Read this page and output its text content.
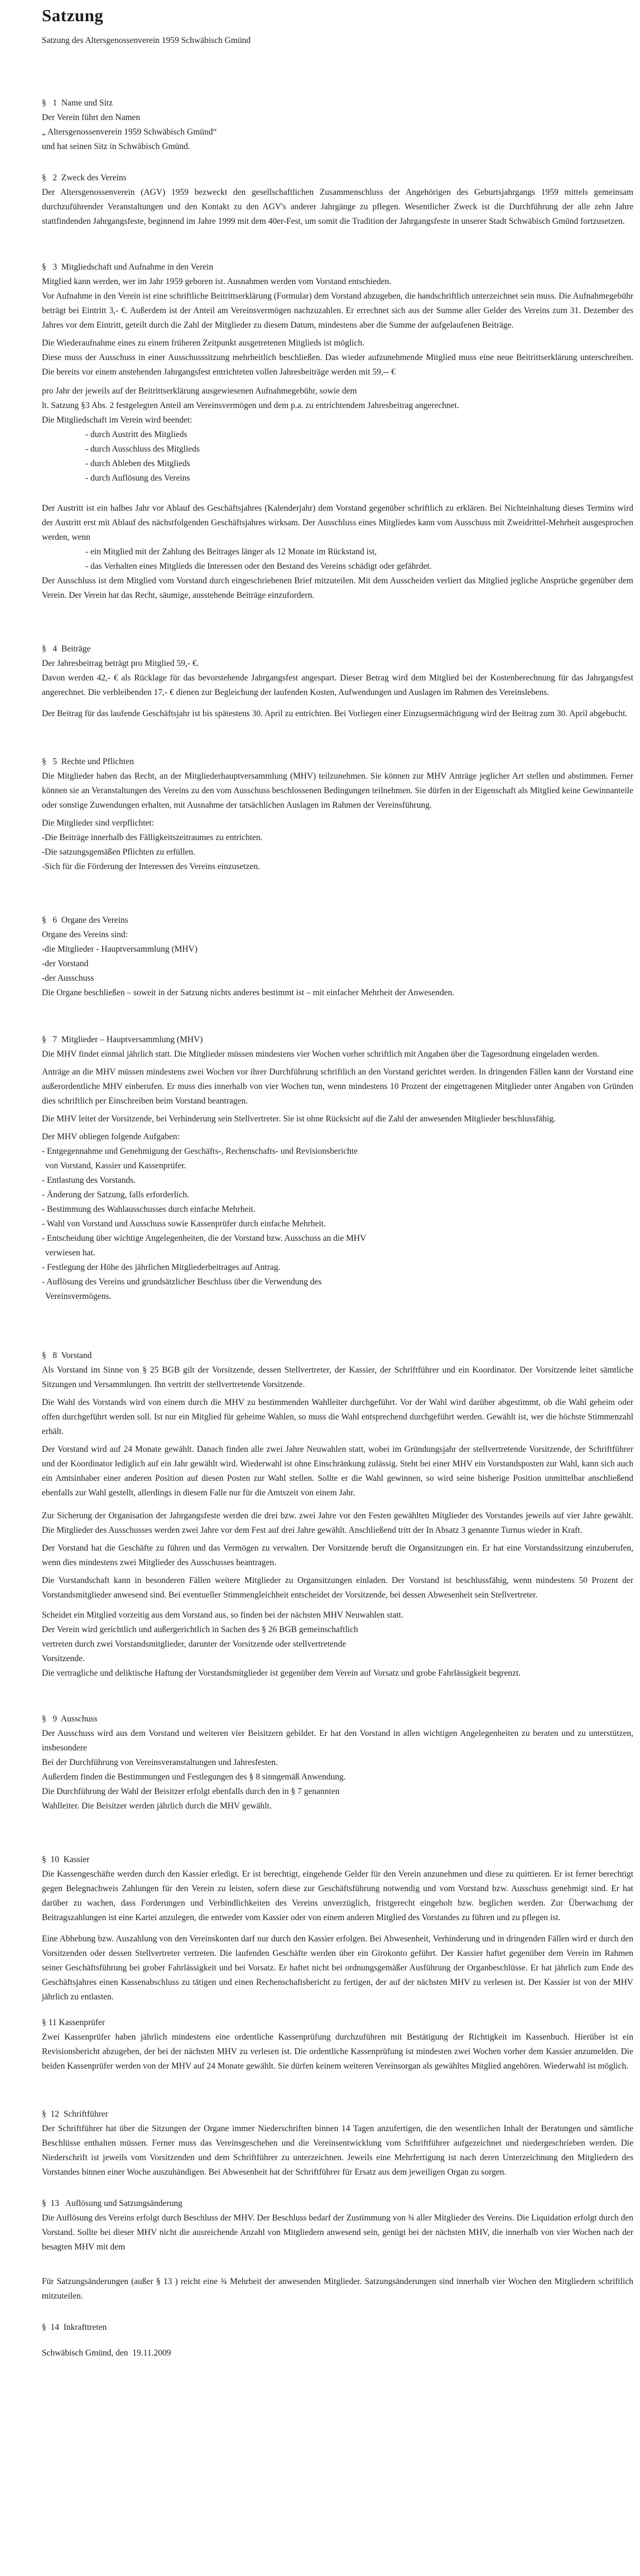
Satzung
Satzung des Altersgenossenverein 1959 Schwäbisch Gmünd
§   1  Name und Sitz
Der Verein führt den Namen
„ Altersgenossenverein 1959 Schwäbisch Gmünd“
und hat seinen Sitz in Schwäbisch Gmünd.
§   2  Zweck des Vereins
Der Altersgenossenverein (AGV) 1959 bezweckt den gesellschaftlichen Zusammenschluss der Angehörigen des Geburtsjahrgangs 1959 mittels gemeinsam durchzuführender Veranstaltungen und den Kontakt zu den AGV's anderer Jahrgänge zu pflegen. Wesentlicher Zweck ist die Durchführung der alle zehn Jahre stattfindenden Jahrgangsfeste, beginnend im Jahre 1999 mit dem 40er-Fest, um somit die Tradition der Jahrgangsfeste in unserer Stadt Schwäbisch Gmünd fortzusetzen.
§   3  Mitgliedschaft und Aufnahme in den Verein
Mitglied kann werden, wer im Jahr 1959 geboren ist. Ausnahmen werden vom Vorstand entschieden.
Vor Aufnahme in den Verein ist eine schriftliche Beitrittserklärung (Formular) dem Vorstand abzugeben, die handschriftlich unterzeichnet sein muss. Die Aufnahmegebühr beträgt bei Eintritt 3,- €. Außerdem ist der Anteil am Vereinsvermögen nachzuzahlen. Er errechnet sich aus der Summe aller Gelder des Vereins zum 31. Dezember des Jahres vor dem Eintritt, geteilt durch die Zahl der Mitglieder zu diesem Datum, mindestens aber die Summe der aufgelaufenen Beiträge.
Die Wiederaufnahme eines zu einem früheren Zeitpunkt ausgetretenen Mitglieds ist möglich.
Diese muss der Ausschuss in einer Ausschusssitzung mehrheitlich beschließen. Das wieder aufzunehmende Mitglied muss eine neue Beitrittserklärung unterschreiben. Die bereits vor einem anstehenden Jahrgangsfest entrichteten vollen Jahresbeiträge werden mit 59,-- €
pro Jahr der jeweils auf der Beitrittserklärung ausgewiesenen Aufnahmegebühr, sowie dem
lt. Satzung §3 Abs. 2 festgelegten Anteil am Vereinsvermögen und dem p.a. zu entrichtendem Jahresbeitrag angerechnet.
Die Mitgliedschaft im Verein wird beendet:
- durch Austritt des Mitglieds
- durch Ausschluss des Mitglieds
- durch Ableben des Mitglieds
- durch Auflösung des Vereins
Der Austritt ist ein halbes Jahr vor Ablauf des Geschäftsjahres (Kalenderjahr) dem Vorstand gegenüber schriftlich zu erklären. Bei Nichteinhaltung dieses Termins wird der Austritt erst mit Ablauf des nächstfolgenden Geschäftsjahres wirksam. Der Ausschluss eines Mitgliedes kann vom Ausschuss mit Zweidrittel-Mehrheit ausgesprochen werden, wenn
- ein Mitglied mit der Zahlung des Beitrages länger als 12 Monate im Rückstand ist,
- das Verhalten eines Mitglieds die Interessen oder den Bestand des Vereins schädigt oder gefährdet.
Der Ausschluss ist dem Mitglied vom Vorstand durch eingeschriebenen Brief mitzuteilen. Mit dem Ausscheiden verliert das Mitglied jegliche Ansprüche gegenüber dem Verein. Der Verein hat das Recht, säumige, ausstehende Beiträge einzufordern.
§   4  Beiträge
Der Jahresbeitrag beträgt pro Mitglied 59,- €.
Davon werden 42,- € als Rücklage für das bevorstehende Jahrgangsfest angespart. Dieser Betrag wird dem Mitglied bei der Kostenberechnung für das Jahrgangsfest angerechnet. Die verbleibenden 17,- € dienen zur Begleichung der laufenden Kosten, Aufwendungen und Auslagen im Rahmen des Vereinslebens.
Der Beitrag für das laufende Geschäftsjahr ist bis spätestens 30. April zu entrichten. Bei Vorliegen einer Einzugsermächtigung wird der Beitrag zum 30. April abgebucht.
§   5  Rechte und Pflichten
Die Mitglieder haben das Recht, an der Mitgliederhauptversammlung (MHV) teilzunehmen. Sie können zur MHV Anträge jeglicher Art stellen und abstimmen. Ferner können sie an Veranstaltungen des Vereins zu den vom Ausschuss beschlossenen Bedingungen teilnehmen. Sie dürfen in der Eigenschaft als Mitglied keine Gewinnanteile oder sonstige Zuwendungen erhalten, mit Ausnahme der tatsächlichen Auslagen im Rahmen der Vereinsführung.
Die Mitglieder sind verpflichtet:
-Die Beiträge innerhalb des Fälligkeitszeitraumes zu entrichten.
-Die satzungsgemäßen Pflichten zu erfüllen.
-Sich für die Förderung der Interessen des Vereins einzusetzen.
§   6  Organe des Vereins
Organe des Vereins sind:
-die Mitglieder - Hauptversammlung (MHV)
-der Vorstand
-der Ausschuss
Die Organe beschließen – soweit in der Satzung nichts anderes bestimmt ist – mit einfacher Mehrheit der Anwesenden.
§   7  Mitglieder – Hauptversammlung (MHV)
Die MHV findet einmal jährlich statt. Die Mitglieder müssen mindestens vier Wochen vorher schriftlich mit Angaben über die Tagesordnung eingeladen werden.
Anträge an die MHV müssen mindestens zwei Wochen vor ihrer Durchführung schriftlich an den Vorstand gerichtet werden. In dringenden Fällen kann der Vorstand eine außerordentliche MHV einberufen. Er muss dies innerhalb von vier Wochen tun, wenn mindestens 10 Prozent der eingetragenen Mitglieder unter Angaben von Gründen dies schriftlich per Einschreiben beim Vorstand beantragen.
Die MHV leitet der Vorsitzende, bei Verhinderung sein Stellvertreter. Sie ist ohne Rücksicht auf die Zahl der anwesenden Mitglieder beschlussfähig.
Der MHV obliegen folgende Aufgaben:
- Entgegennahme und Genehmigung der Geschäfts-, Rechenschafts- und Revisionsberichte
von Vorstand, Kassier und Kassenprüfer.
- Entlastung des Vorstands.
- Änderung der Satzung, falls erforderlich.
- Bestimmung des Wahlausschusses durch einfache Mehrheit.
- Wahl von Vorstand und Ausschuss sowie Kassenprüfer durch einfache Mehrheit.
- Entscheidung über wichtige Angelegenheiten, die der Vorstand bzw. Ausschuss an die MHV
verwiesen hat.
- Festlegung der Höhe des jährlichen Mitgliederbeitrages auf Antrag.
- Auflösung des Vereins und grundsätzlicher Beschluss über die Verwendung des
Vereinsvermögens.
§   8  Vorstand
Als Vorstand im Sinne von § 25 BGB gilt der Vorsitzende, dessen Stellvertreter, der Kassier, der Schriftführer und ein Koordinator. Der Vorsitzende leitet sämtliche Sitzungen und Versammlungen. Ihn vertritt der stellvertretende Vorsitzende.
Die Wahl des Vorstands wird von einem durch die MHV zu bestimmenden Wahlleiter durchgeführt. Vor der Wahl wird darüber abgestimmt, ob die Wahl geheim oder offen durchgeführt werden soll. Ist nur ein Mitglied für geheime Wahlen, so muss die Wahl entsprechend durchgeführt werden. Gewählt ist, wer die höchste Stimmenzahl erhält.
Der Vorstand wird auf 24 Monate gewählt. Danach finden alle zwei Jahre Neuwahlen statt, wobei im Gründungsjahr der stellvertretende Vorsitzende, der Schriftführer und der Koordinator lediglich auf ein Jahr gewählt wird. Wiederwahl ist ohne Einschränkung zulässig. Steht bei einer MHV ein Vorstandsposten zur Wahl, kann sich auch ein Amtsinhaber einer anderen Position auf diesen Posten zur Wahl stellen. Sollte er die Wahl gewinnen, so wird seine bisherige Position unmittelbar anschließend ebenfalls zur Wahl gestellt, allerdings in diesem Falle nur für die Amtszeit von einem Jahr.
Zur Sicherung der Organisation der Jahrgangsfeste werden die drei bzw. zwei Jahre vor den Festen gewählten Mitglieder des Vorstandes jeweils auf vier Jahre gewählt. Die Mitglieder des Ausschusses werden zwei Jahre vor dem Fest auf drei Jahre gewählt. Anschließend tritt der In Absatz 3 genannte Turnus wieder in Kraft.
Der Vorstand hat die Geschäfte zu führen und das Vermögen zu verwalten. Der Vorsitzende beruft die Organsitzungen ein. Er hat eine Vorstandssitzung einzuberufen, wenn dies mindestens zwei Mitglieder des Ausschusses beantragen.
Die Vorstandschaft kann in besonderen Fällen weitere Mitglieder zu Organsitzungen einladen. Der Vorstand ist beschlussfähig, wenn mindestens 50 Prozent der Vorstandsmitglieder anwesend sind. Bei eventueller Stimmengleichheit entscheidet der Vorsitzende, bei dessen Abwesenheit sein Stellvertreter.
Scheidet ein Mitglied vorzeitig aus dem Vorstand aus, so finden bei der nächsten MHV Neuwahlen statt.
Der Verein wird gerichtlich und außergerichtlich in Sachen des § 26 BGB gemeinschaftlich
vertreten durch zwei Vorstandsmitglieder, darunter der Vorsitzende oder stellvertretende
Vorsitzende.
Die vertragliche und deliktische Haftung der Vorstandsmitglieder ist gegenüber dem Verein auf Vorsatz und grobe Fahrlässigkeit begrenzt.
§   9  Ausschuss
Der Ausschuss wird aus dem Vorstand und weiteren vier Beisitzern gebildet. Er hat den Vorstand in allen wichtigen Angelegenheiten zu beraten und zu unterstützen, insbesondere
Bei der Durchführung von Vereinsveranstaltungen und Jahresfesten.
Außerdem finden die Bestimmungen und Festlegungen des § 8 sinngemäß Anwendung.
Die Durchführung der Wahl der Beisitzer erfolgt ebenfalls durch den in § 7 genannten
Wahlleiter. Die Beisitzer werden jährlich durch die MHV gewählt.
§  10  Kassier
Die Kassengeschäfte werden durch den Kassier erledigt. Er ist berechtigt, eingehende Gelder für den Verein anzunehmen und diese zu quittieren. Er ist ferner berechtigt gegen Belegnachweis Zahlungen für den Verein zu leisten, sofern diese zur Geschäftsführung notwendig und vom Vorstand bzw. Ausschuss genehmigt sind. Er hat darüber zu wachen, dass Forderungen und Verbindlichkeiten des Vereins unverzüglich, fristgerecht eingeholt bzw. beglichen werden. Zur Überwachung der Beitragszahlungen ist eine Kartei anzulegen, die entweder vom Kassier oder von einem anderen Mitglied des Vorstandes zu führen und zu pflegen ist.
Eine Abhebung bzw. Auszahlung von den Vereinskonten darf nur durch den Kassier erfolgen. Bei Abwesenheit, Verhinderung und in dringenden Fällen wird er durch den Vorsitzenden oder dessen Stellvertreter vertreten. Die laufenden Geschäfte werden über ein Girokonto geführt. Der Kassier haftet gegenüber dem Verein im Rahmen seiner Geschäftsführung bei grober Fahrlässigkeit und bei Vorsatz. Er haftet nicht bei ordnungsgemäßer Ausführung der Organbeschlüsse. Er hat jährlich zum Ende des Geschäftsjahres einen Kassenabschluss zu tätigen und einen Rechenschaftsbericht zu fertigen, der auf der nächsten MHV zu verlesen ist. Der Kassier ist von der MHV jährlich zu entlasten.
§ 11 Kassenprüfer
Zwei Kassenprüfer haben jährlich mindestens eine ordentliche Kassenprüfung durchzuführen mit Bestätigung der Richtigkeit im Kassenbuch. Hierüber ist ein Revisionsbericht abzugeben, der bei der nächsten MHV zu verlesen ist. Die ordentliche Kassenprüfung ist mindesten zwei Wochen vorher dem Kassier anzumelden. Die beiden Kassenprüfer werden von der MHV auf 24 Monate gewählt. Sie dürfen keinem weiteren Vereinsorgan als gewähltes Mitglied angehören. Wiederwahl ist möglich.
§  12  Schriftführer
Der Schriftführer hat über die Sitzungen der Organe immer Niederschriften binnen 14 Tagen anzufertigen, die den wesentlichen Inhalt der Beratungen und sämtliche Beschlüsse enthalten müssen. Ferner muss das Vereinsgeschehen und die Vereinsentwicklung vom Schriftführer aufgezeichnet und niedergeschrieben werden. Die Niederschrift ist jeweils vom Vorsitzenden und dem Schriftführer zu unterzeichnen. Jeweils eine Mehrfertigung ist nach deren Unterzeichnung den Mitgliedern des Vorstandes binnen einer Woche auszuhändigen. Bei Abwesenheit hat der Schriftführer für Ersatz aus dem jeweiligen Organ zu sorgen.
§  13   Auflösung und Satzungsänderung
Die Auflösung des Vereins erfolgt durch Beschluss der MHV. Der Beschluss bedarf der Zustimmung von ¾ aller Mitglieder des Vereins. Die Liquidation erfolgt durch den Vorstand. Sollte bei dieser MHV nicht die ausreichende Anzahl von Mitgliedern anwesend sein, genügt bei der nächsten MHV, die innerhalb von vier Wochen nach der besagten MHV mit dem
Für Satzungsänderungen (außer § 13 ) reicht eine ¾ Mehrheit der anwesenden Mitglieder. Satzungsänderungen sind innerhalb vier Wochen den Mitgliedern schriftlich mitzuteilen.
§  14  Inkrafttreten
Schwäbisch Gmünd, den  19.11.2009
